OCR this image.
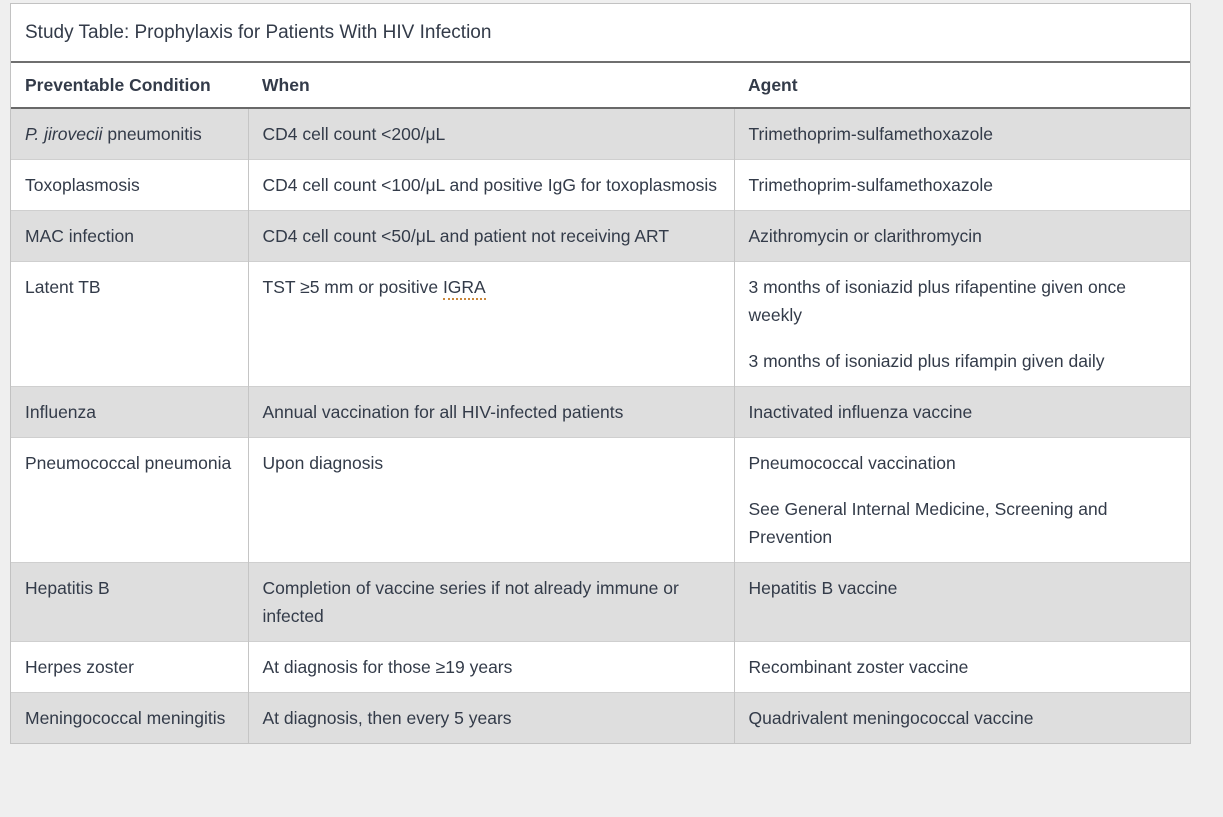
Study Table: Prophylaxis for Patients With HIV Infection
Preventable Condition	When	Agent
P. jirovecii pneumonitis	CD4 cell count <200/μL	Trimethoprim-sulfamethoxazole

Toxoplasmosis	CD4 cell count <100/μL and positive IgG for toxoplasmosis	Trimethoprim-sulfamethoxazole

MAC infection	CD4 cell count <50/μL and patient not receiving ART	Azithromycin or clarithromycin

Latent TB	TST ≥5 mm or positive IGRA	3 months of isoniazid plus rifapentine given once weekly

3 months of isoniazid plus rifampin given daily

Influenza	Annual vaccination for all HIV-infected patients	Inactivated influenza vaccine

Pneumococcal pneumonia	Upon diagnosis	Pneumococcal vaccination

See General Internal Medicine, Screening and Prevention

Hepatitis B	Completion of vaccine series if not already immune or infected	Hepatitis B vaccine

Herpes zoster	At diagnosis for those ≥19 years	Recombinant zoster vaccine

Meningococcal meningitis	At diagnosis, then every 5 years	Quadrivalent meningococcal vaccine
